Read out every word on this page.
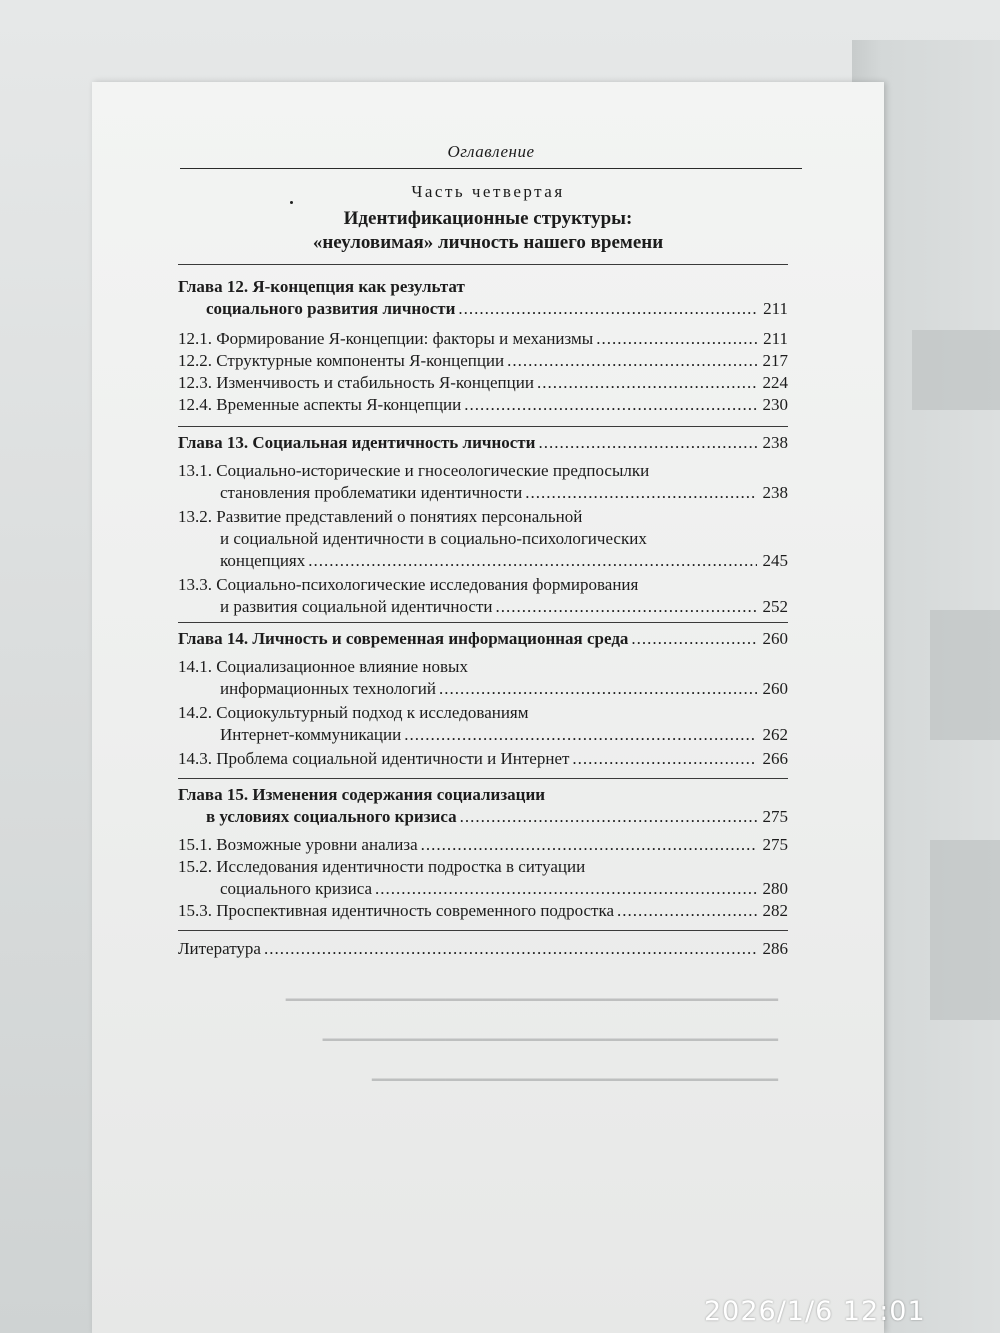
Оглавление
Часть четвертая
Идентификационные структуры:
«неуловимая» личность нашего времени
Глава 12. Я-концепция как результат
социального развития личности .....	211
12.1. Формирование Я-концепции: факторы и механизмы .....	211
12.2. Структурные компоненты Я-концепции .....	217
12.3. Изменчивость и стабильность Я-концепции .....	224
12.4. Временные аспекты Я-концепции .....	230
Глава 13. Социальная идентичность личности .....	238
13.1. Социально-исторические и гносеологические предпосылки
становления проблематики идентичности .....	238
13.2. Развитие представлений о понятиях персональной
и социальной идентичности в социально-психологических
концепциях .....	245
13.3. Социально-психологические исследования формирования
и развития социальной идентичности .....	252
Глава 14. Личность и современная информационная среда .....	260
14.1. Социализационное влияние новых
информационных технологий .....	260
14.2. Социокультурный подход к исследованиям
Интернет-коммуникации .....	262
14.3. Проблема социальной идентичности и Интернет .....	266
Глава 15. Изменения содержания социализации
в условиях социального кризиса .....	275
15.1. Возможные уровни анализа .....	275
15.2. Исследования идентичности подростка в ситуации
социального кризиса .....	280
15.3. Проспективная идентичность современного подростка .....	282
Литература .....	286
▁▁▁▁▁▁▁▁▁▁▁▁▁▁▁▁▁▁▁▁▁▁▁▁▁▁▁▁▁▁▁▁▁▁▁▁▁▁▁▁
▁▁▁▁▁▁▁▁▁▁▁▁▁▁▁▁▁▁▁▁▁▁▁▁▁▁▁▁▁▁▁▁▁▁▁▁▁
▁▁▁▁▁▁▁▁▁▁▁▁▁▁▁▁▁▁▁▁▁▁▁▁▁▁▁▁▁▁▁▁▁
2026/1/6 12:01
